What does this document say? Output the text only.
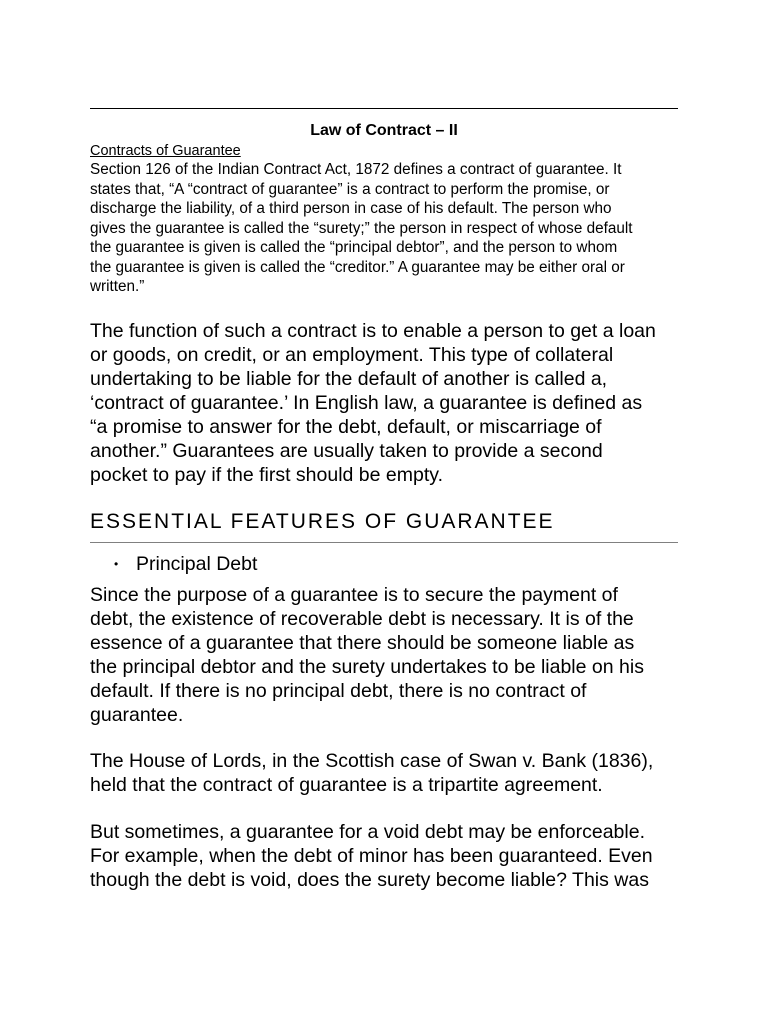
Law of Contract – II
Contracts of Guarantee

Section 126 of the Indian Contract Act, 1872 defines a contract of guarantee. It
states that, “A “contract of guarantee” is a contract to perform the promise, or
discharge the liability, of a third person in case of his default. The person who
gives the guarantee is called the “surety;” the person in respect of whose default
the guarantee is given is called the “principal debtor”, and the person to whom
the guarantee is given is called the “creditor.” A guarantee may be either oral or
written.”

The function of such a contract is to enable a person to get a loan
or goods, on credit, or an employment. This type of collateral
undertaking to be liable for the default of another is called a,
‘contract of guarantee.’ In English law, a guarantee is defined as
“a promise to answer for the debt, default, or miscarriage of
another.” Guarantees are usually taken to provide a second
pocket to pay if the first should be empty.

ESSENTIAL FEATURES OF GUARANTEE
• Principal Debt

Since the purpose of a guarantee is to secure the payment of
debt, the existence of recoverable debt is necessary. It is of the
essence of a guarantee that there should be someone liable as
the principal debtor and the surety undertakes to be liable on his
default. If there is no principal debt, there is no contract of
guarantee.

The House of Lords, in the Scottish case of Swan v. Bank (1836),
held that the contract of guarantee is a tripartite agreement.

But sometimes, a guarantee for a void debt may be enforceable.
For example, when the debt of minor has been guaranteed. Even
though the debt is void, does the surety become liable? This was
